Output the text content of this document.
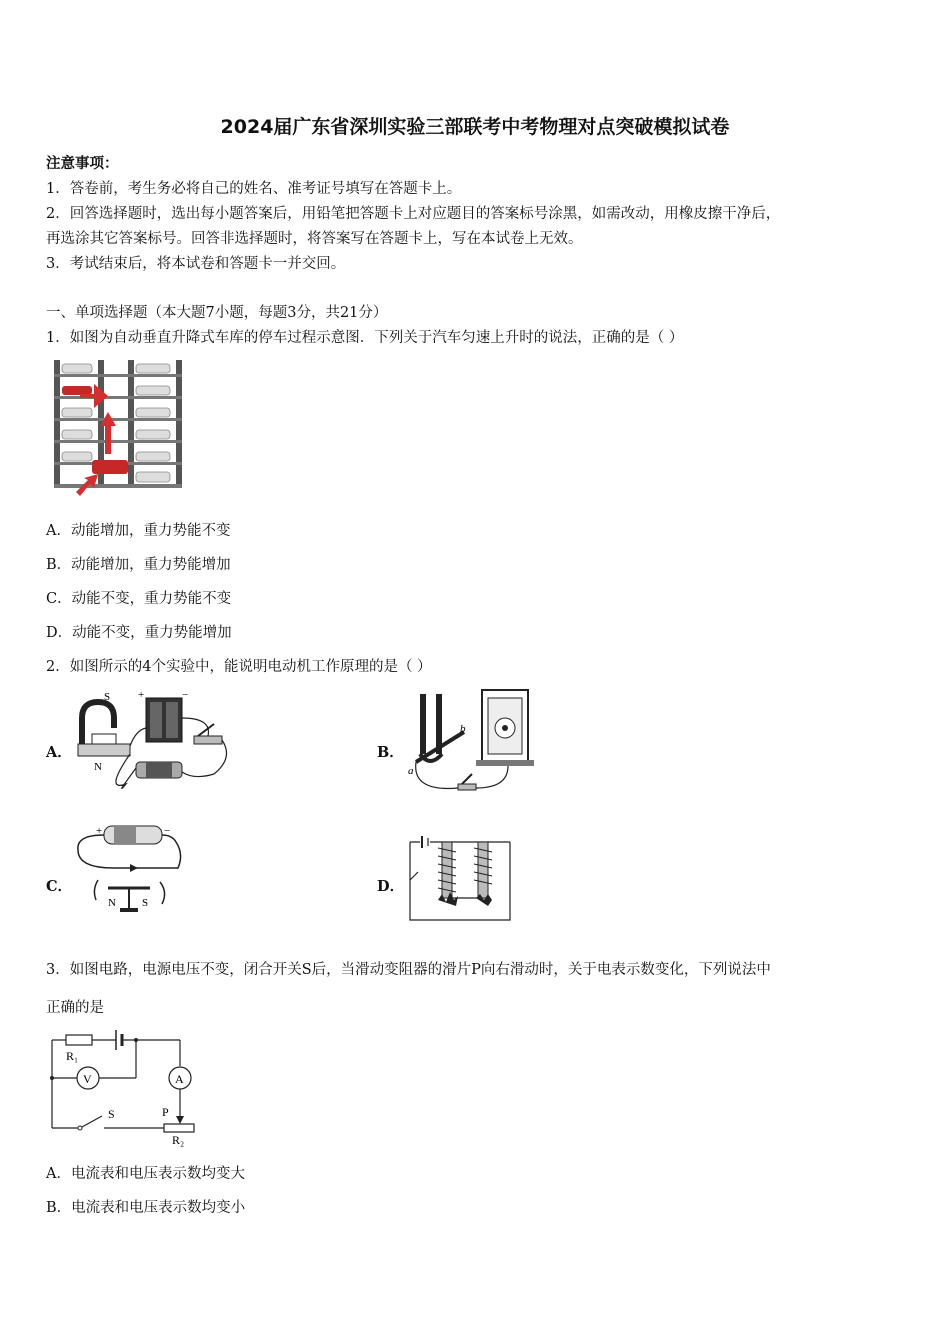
2024届广东省深圳实验三部联考中考物理对点突破模拟试卷
注意事项：
1．答卷前，考生务必将自己的姓名、准考证号填写在答题卡上。
2．回答选择题时，选出每小题答案后，用铅笔把答题卡上对应题目的答案标号涂黑，如需改动，用橡皮擦干净后，
再选涂其它答案标号。回答非选择题时，将答案写在答题卡上，写在本试卷上无效。
3．考试结束后，将本试卷和答题卡一并交回。
一、单项选择题（本大题7小题，每题3分，共21分）
1．如图为自动垂直升降式车库的停车过程示意图．下列关于汽车匀速上升时的说法，正确的是（ ）
A．动能增加，重力势能不变
B．动能增加，重力势能增加
C．动能不变，重力势能不变
D．动能不变，重力势能增加
2．如图所示的4个实验中，能说明电动机工作原理的是（ ）
A．
S
N
+	−
B．
b
a
C．
+	−
N S
D．
3．如图电路，电源电压不变，闭合开关S后，当滑动变阻器的滑片P向右滑动时，关于电表示数变化，下列说法中
正确的是
R₁
V	A
P
R₂
S
A．电流表和电压表示数均变大
B．电流表和电压表示数均变小
